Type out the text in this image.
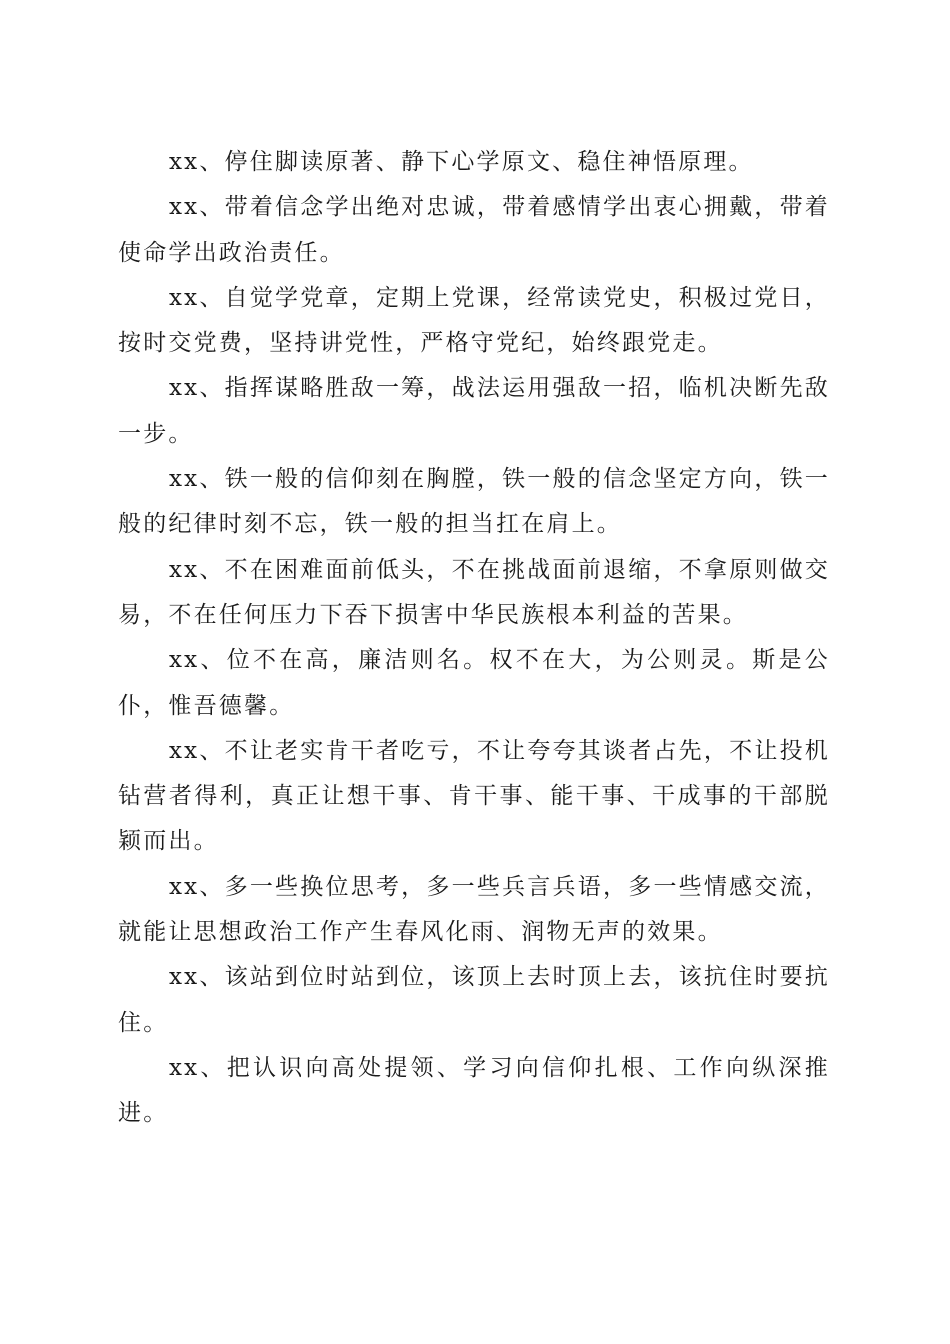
xx、停住脚读原著、静下心学原文、稳住神悟原理。

xx、带着信念学出绝对忠诚，带着感情学出衷心拥戴，带着使命学出政治责任。

xx、自觉学党章，定期上党课，经常读党史，积极过党日，按时交党费，坚持讲党性，严格守党纪，始终跟党走。

xx、指挥谋略胜敌一筹，战法运用强敌一招，临机决断先敌一步。

xx、铁一般的信仰刻在胸膛，铁一般的信念坚定方向，铁一般的纪律时刻不忘，铁一般的担当扛在肩上。

xx、不在困难面前低头，不在挑战面前退缩，不拿原则做交易，不在任何压力下吞下损害中华民族根本利益的苦果。

xx、位不在高，廉洁则名。权不在大，为公则灵。斯是公仆，惟吾德馨。

xx、不让老实肯干者吃亏，不让夸夸其谈者占先，不让投机钻营者得利，真正让想干事、肯干事、能干事、干成事的干部脱颖而出。

xx、多一些换位思考，多一些兵言兵语，多一些情感交流，就能让思想政治工作产生春风化雨、润物无声的效果。

xx、该站到位时站到位，该顶上去时顶上去，该抗住时要抗住。

xx、把认识向高处提领、学习向信仰扎根、工作向纵深推进。
